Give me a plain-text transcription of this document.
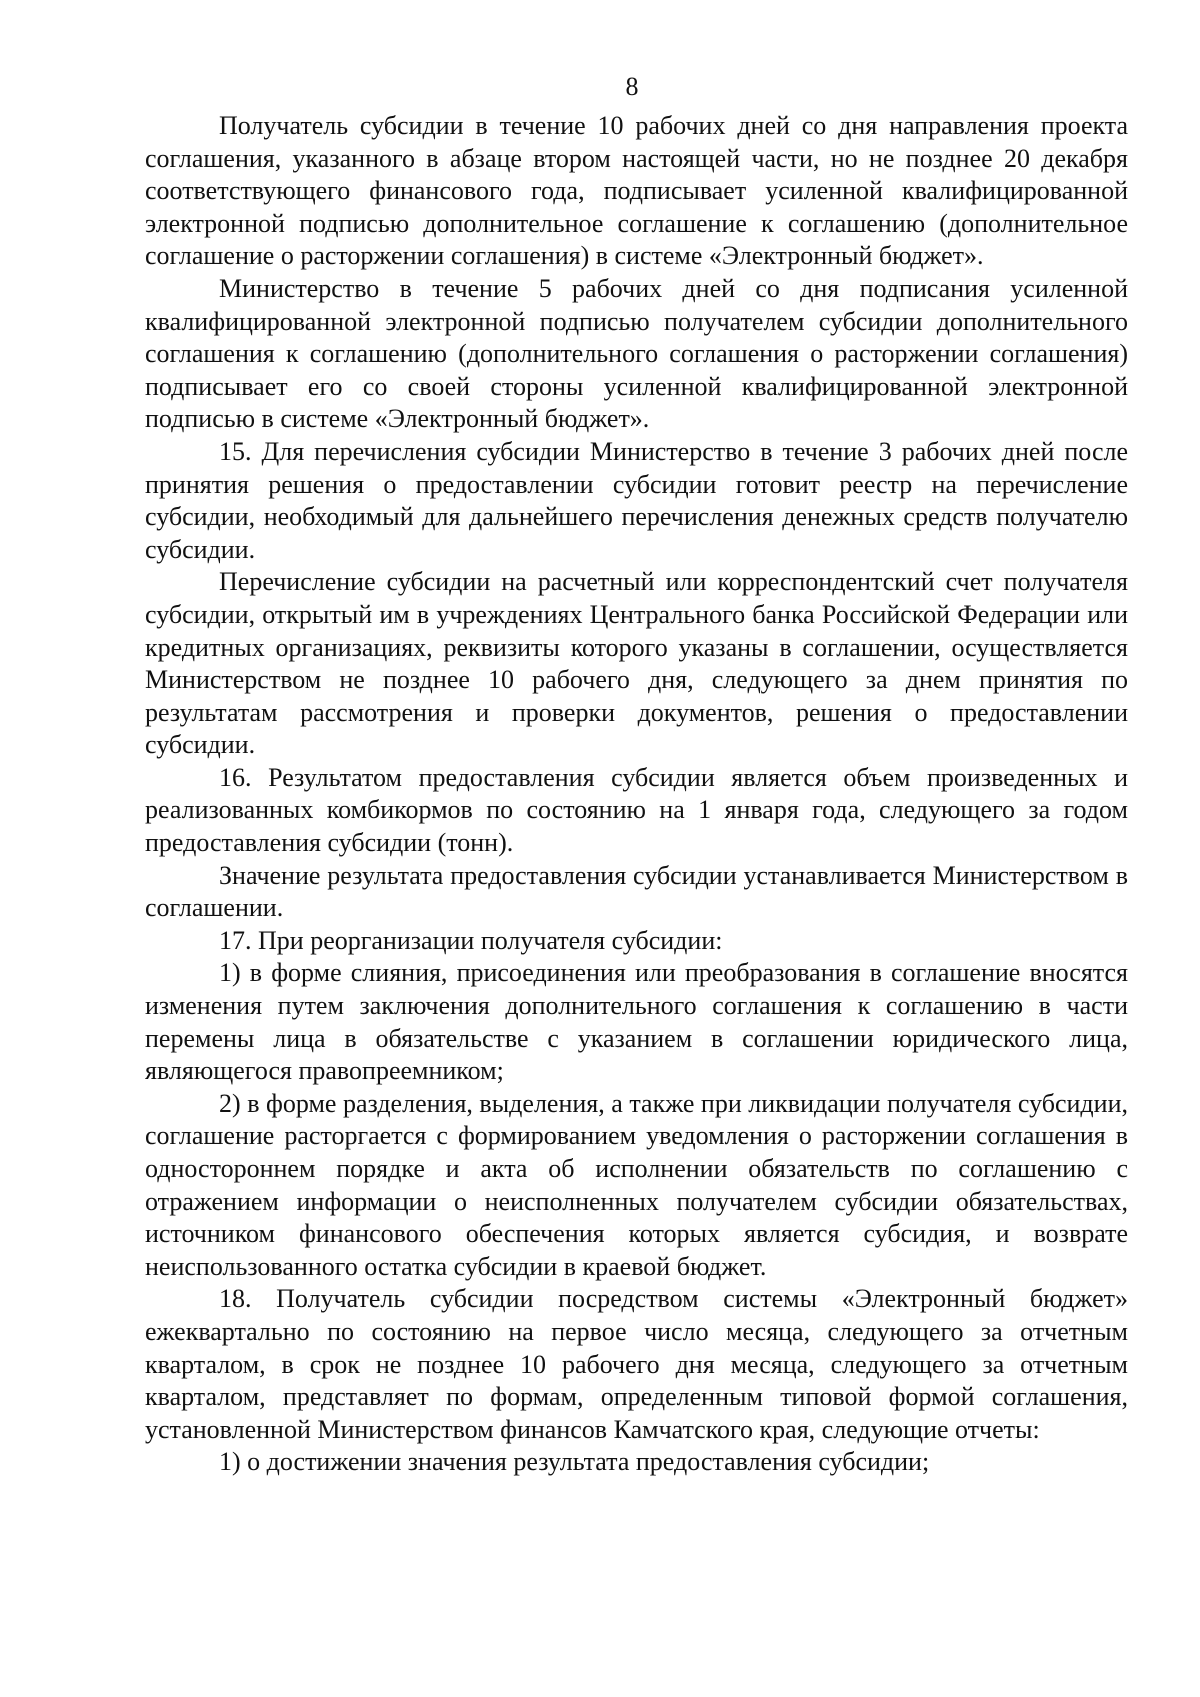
8

Получатель субсидии в течение 10 рабочих дней со дня направления проекта соглашения, указанного в абзаце втором настоящей части, но не позднее 20 декабря соответствующего финансового года, подписывает усиленной квалифицированной электронной подписью дополнительное соглашение к соглашению (дополнительное соглашение о расторжении соглашения) в системе «Электронный бюджет».

Министерство в течение 5 рабочих дней со дня подписания усиленной квалифицированной электронной подписью получателем субсидии дополнительного соглашения к соглашению (дополнительного соглашения о расторжении соглашения) подписывает его со своей стороны усиленной квалифицированной электронной подписью в системе «Электронный бюджет».

15. Для перечисления субсидии Министерство в течение 3 рабочих дней после принятия решения о предоставлении субсидии готовит реестр на перечисление субсидии, необходимый для дальнейшего перечисления денежных средств получателю субсидии.

Перечисление субсидии на расчетный или корреспондентский счет получателя субсидии, открытый им в учреждениях Центрального банка Российской Федерации или кредитных организациях, реквизиты которого указаны в соглашении, осуществляется Министерством не позднее 10 рабочего дня, следующего за днем принятия по результатам рассмотрения и проверки документов, решения о предоставлении субсидии.

16. Результатом предоставления субсидии является объем произведенных и реализованных комбикормов по состоянию на 1 января года, следующего за годом предоставления субсидии (тонн).

Значение результата предоставления субсидии устанавливается Министерством в соглашении.

17. При реорганизации получателя субсидии:

1) в форме слияния, присоединения или преобразования в соглашение вносятся изменения путем заключения дополнительного соглашения к соглашению в части перемены лица в обязательстве с указанием в соглашении юридического лица, являющегося правопреемником;

2) в форме разделения, выделения, а также при ликвидации получателя субсидии, соглашение расторгается с формированием уведомления о расторжении соглашения в одностороннем порядке и акта об исполнении обязательств по соглашению с отражением информации о неисполненных получателем субсидии обязательствах, источником финансового обеспечения которых является субсидия, и возврате неиспользованного остатка субсидии в краевой бюджет.

18. Получатель субсидии посредством системы «Электронный бюджет» ежеквартально по состоянию на первое число месяца, следующего за отчетным кварталом, в срок не позднее 10 рабочего дня месяца, следующего за отчетным кварталом, представляет по формам, определенным типовой формой соглашения, установленной Министерством финансов Камчатского края, следующие отчеты:

1) о достижении значения результата предоставления субсидии;
